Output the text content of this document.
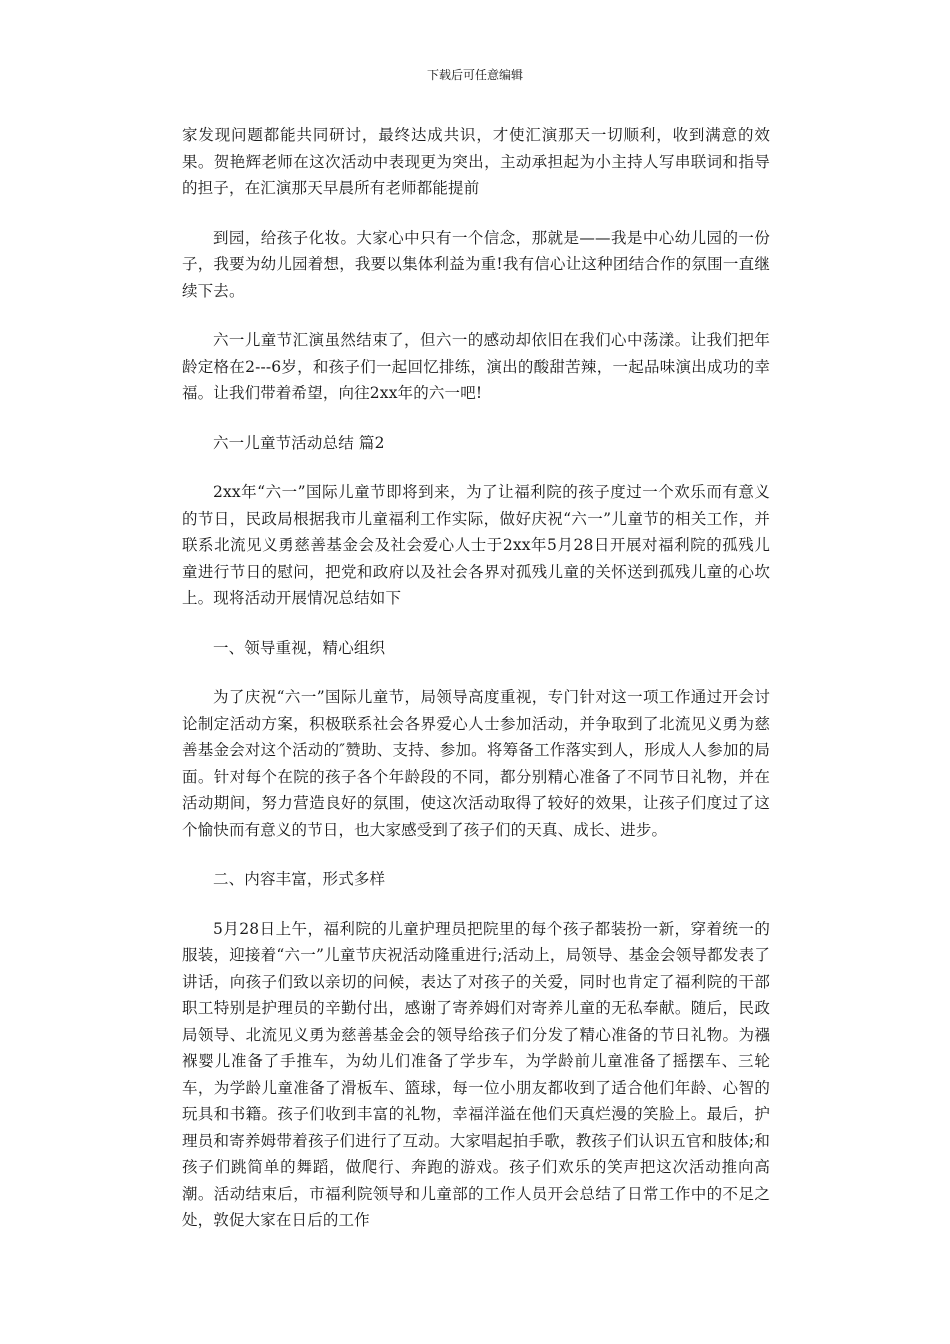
下载后可任意编辑

家发现问题都能共同研讨，最终达成共识，才使汇演那天一切顺利，收到满意的效果。贺艳辉老师在这次活动中表现更为突出，主动承担起为小主持人写串联词和指导的担子，在汇演那天早晨所有老师都能提前

到园，给孩子化妆。大家心中只有一个信念，那就是——我是中心幼儿园的一份子，我要为幼儿园着想，我要以集体利益为重!我有信心让这种团结合作的氛围一直继续下去。

六一儿童节汇演虽然结束了，但六一的感动却依旧在我们心中荡漾。让我们把年龄定格在2---6岁，和孩子们一起回忆排练，演出的酸甜苦辣，一起品味演出成功的幸福。让我们带着希望，向往2xx年的六一吧!

六一儿童节活动总结 篇2

2xx年“六一”国际儿童节即将到来，为了让福利院的孩子度过一个欢乐而有意义的节日，民政局根据我市儿童福利工作实际，做好庆祝“六一”儿童节的相关工作，并联系北流见义勇慈善基金会及社会爱心人士于2xx年5月28日开展对福利院的孤残儿童进行节日的慰问，把党和政府以及社会各界对孤残儿童的关怀送到孤残儿童的心坎上。现将活动开展情况总结如下

一、领导重视，精心组织

为了庆祝“六一”国际儿童节，局领导高度重视，专门针对这一项工作通过开会讨论制定活动方案，积极联系社会各界爱心人士参加活动，并争取到了北流见义勇为慈善基金会对这个活动的″赞助、支持、参加。将筹备工作落实到人，形成人人参加的局面。针对每个在院的孩子各个年龄段的不同，都分别精心准备了不同节日礼物，并在活动期间，努力营造良好的氛围，使这次活动取得了较好的效果，让孩子们度过了这个愉快而有意义的节日，也大家感受到了孩子们的天真、成长、进步。

二、内容丰富，形式多样

5月28日上午，福利院的儿童护理员把院里的每个孩子都装扮一新，穿着统一的服装，迎接着“六一”儿童节庆祝活动隆重进行;活动上，局领导、基金会领导都发表了讲话，向孩子们致以亲切的问候，表达了对孩子的关爱，同时也肯定了福利院的干部职工特别是护理员的辛勤付出，感谢了寄养姆们对寄养儿童的无私奉献。随后，民政局领导、北流见义勇为慈善基金会的领导给孩子们分发了精心准备的节日礼物。为襁褓婴儿准备了手推车，为幼儿们准备了学步车，为学龄前儿童准备了摇摆车、三轮车，为学龄儿童准备了滑板车、篮球，每一位小朋友都收到了适合他们年龄、心智的玩具和书籍。孩子们收到丰富的礼物，幸福洋溢在他们天真烂漫的笑脸上。最后，护理员和寄养姆带着孩子们进行了互动。大家唱起拍手歌，教孩子们认识五官和肢体;和孩子们跳简单的舞蹈，做爬行、奔跑的游戏。孩子们欢乐的笑声把这次活动推向高潮。活动结束后，市福利院领导和儿童部的工作人员开会总结了日常工作中的不足之处，敦促大家在日后的工作
